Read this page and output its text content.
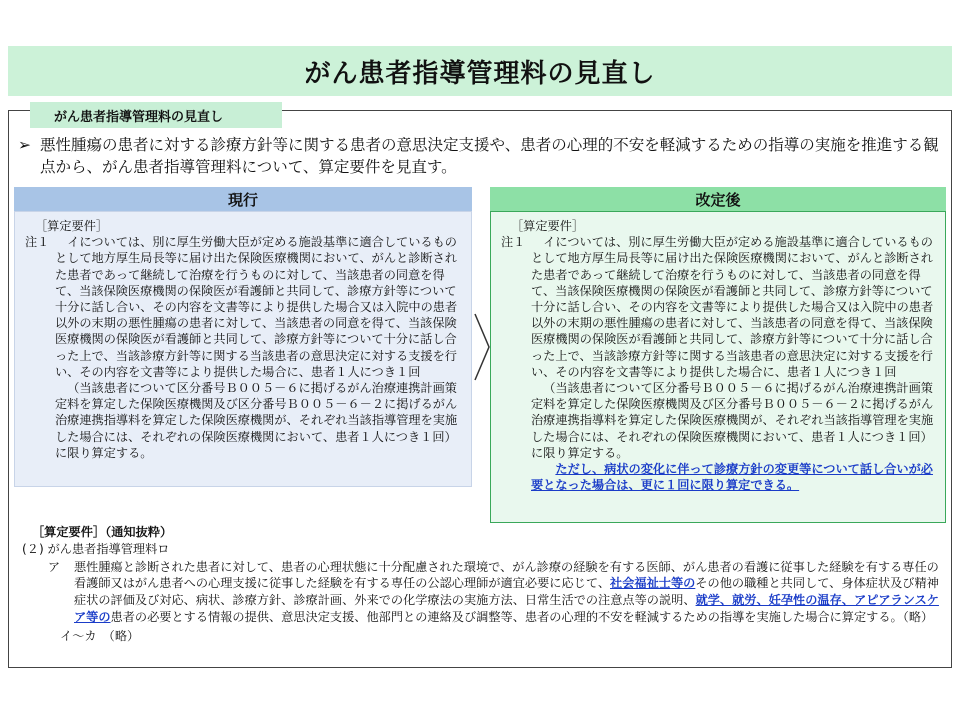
がん患者指導管理料の見直し
がん患者指導管理料の見直し
➢ 悪性腫瘍の患者に対する診療方針等に関する患者の意思決定支援や、患者の心理的不安を軽減するための指導の実施を推進する観点から、がん患者指導管理料について、算定要件を見直す。
現行	改定後
［算定要件］
注１	イについては、別に厚生労働大臣が定める施設基準に適合しているものとして地方厚生局長等に届け出た保険医療機関において、がんと診断された患者であって継続して治療を行うものに対して、当該患者の同意を得て、当該保険医療機関の保険医が看護師と共同して、診療方針等について十分に話し合い、その内容を文書等により提供した場合又は入院中の患者以外の末期の悪性腫瘍の患者に対して、当該患者の同意を得て、当該保険医療機関の保険医が看護師と共同して、診療方針等について十分に話し合った上で、当該診療方針等に関する当該患者の意思決定に対する支援を行い、その内容を文書等により提供した場合に、患者１人につき１回
（当該患者について区分番号Ｂ００５－６に掲げるがん治療連携計画策定料を算定した保険医療機関及び区分番号Ｂ００５－６－２に掲げるがん治療連携指導料を算定した保険医療機関が、それぞれ当該指導管理を実施した場合には、それぞれの保険医療機関において、患者１人につき１回）に限り算定する。
［算定要件］
注１	イについては、別に厚生労働大臣が定める施設基準に適合しているものとして地方厚生局長等に届け出た保険医療機関において、がんと診断された患者であって継続して治療を行うものに対して、当該患者の同意を得て、当該保険医療機関の保険医が看護師と共同して、診療方針等について十分に話し合い、その内容を文書等により提供した場合又は入院中の患者以外の末期の悪性腫瘍の患者に対して、当該患者の同意を得て、当該保険医療機関の保険医が看護師と共同して、診療方針等について十分に話し合った上で、当該診療方針等に関する当該患者の意思決定に対する支援を行い、その内容を文書等により提供した場合に、患者１人につき１回
（当該患者について区分番号Ｂ００５－６に掲げるがん治療連携計画策定料を算定した保険医療機関及び区分番号Ｂ００５－６－２に掲げるがん治療連携指導料を算定した保険医療機関が、それぞれ当該指導管理を実施した場合には、それぞれの保険医療機関において、患者１人につき１回）に限り算定する。
ただし、病状の変化に伴って診療方針の変更等について話し合いが必要となった場合は、更に１回に限り算定できる。
［算定要件］（通知抜粋）
(２) がん患者指導管理料ロ
ア	悪性腫瘍と診断された患者に対して、患者の心理状態に十分配慮された環境で、がん診療の経験を有する医師、がん患者の看護に従事した経験を有する専任の看護師又はがん患者への心理支援に従事した経験を有する専任の公認心理師が適宜必要に応じて、社会福祉士等のその他の職種と共同して、身体症状及び精神症状の評価及び対応、病状、診療方針、診療計画、外来での化学療法の実施方法、日常生活での注意点等の説明、就学、就労、妊孕性の温存、アピアランスケア等の患者の必要とする情報の提供、意思決定支援、他部門との連絡及び調整等、患者の心理的不安を軽減するための指導を実施した場合に算定する。（略）
イ～カ　（略）
